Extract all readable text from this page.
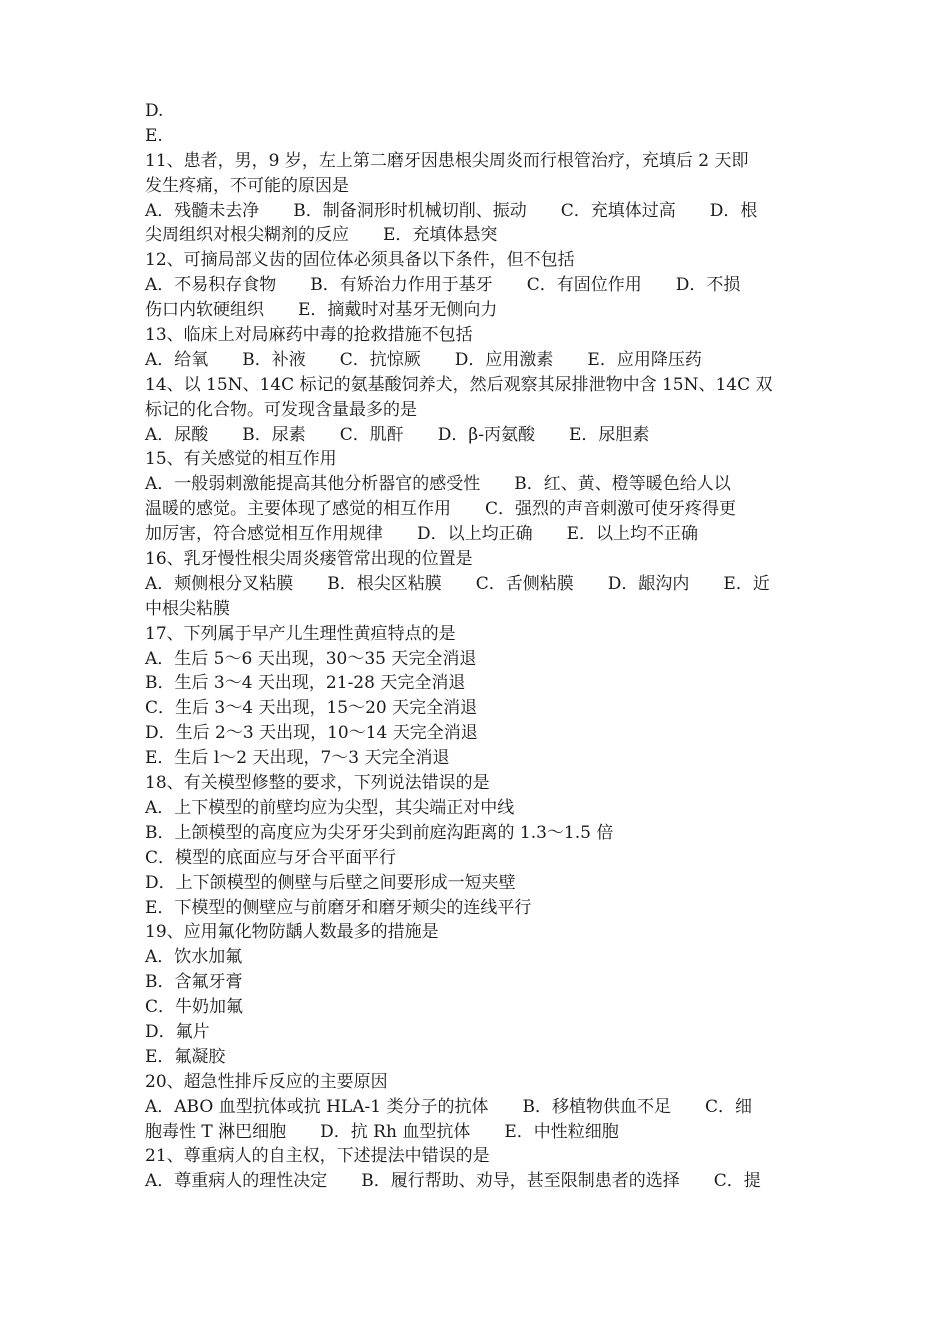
D.
E.
11、患者，男，9 岁，左上第二磨牙因患根尖周炎而行根管治疗，充填后 2 天即
发生疼痛，不可能的原因是
A．残髓未去净　　B．制备洞形时机械切削、振动　　C．充填体过高　　D．根
尖周组织对根尖糊剂的反应　　E．充填体悬突
12、可摘局部义齿的固位体必须具备以下条件，但不包括
A．不易积存食物　　B．有矫治力作用于基牙　　C．有固位作用　　D．不损
伤口内软硬组织　　E．摘戴时对基牙无侧向力
13、临床上对局麻药中毒的抢救措施不包括
A．给氧　　B．补液　　C．抗惊厥　　D．应用激素　　E．应用降压药
14、以 15N、14C 标记的氨基酸饲养犬，然后观察其尿排泄物中含 15N、14C 双
标记的化合物。可发现含量最多的是
A．尿酸　　B．尿素　　C．肌酐　　D．β-丙氨酸　　E．尿胆素
15、有关感觉的相互作用
A．一般弱刺激能提高其他分析器官的感受性　　B．红、黄、橙等暖色给人以
温暖的感觉。主要体现了感觉的相互作用　　C．强烈的声音刺激可使牙疼得更
加厉害，符合感觉相互作用规律　　D．以上均正确　　E．以上均不正确
16、乳牙慢性根尖周炎瘘管常出现的位置是
A．颊侧根分叉粘膜　　B．根尖区粘膜　　C．舌侧粘膜　　D．龈沟内　　E．近
中根尖粘膜
17、下列属于早产儿生理性黄疸特点的是
A．生后 5～6 天出现，30～35 天完全消退
B．生后 3～4 天出现，21-28 天完全消退
C．生后 3～4 天出现，15～20 天完全消退
D．生后 2～3 天出现，10～14 天完全消退
E．生后 l～2 天出现，7～3 天完全消退
18、有关模型修整的要求，下列说法错误的是
A．上下模型的前壁均应为尖型，其尖端正对中线
B．上颌模型的高度应为尖牙牙尖到前庭沟距离的 1.3～1.5 倍
C．模型的底面应与牙合平面平行
D．上下颌模型的侧壁与后壁之间要形成一短夹壁
E．下模型的侧壁应与前磨牙和磨牙颊尖的连线平行
19、应用氟化物防龋人数最多的措施是
A．饮水加氟
B．含氟牙膏
C．牛奶加氟
D．氟片
E．氟凝胶
20、超急性排斥反应的主要原因
A．ABO 血型抗体或抗 HLA-1 类分子的抗体　　B．移植物供血不足　　C．细
胞毒性 T 淋巴细胞　　D．抗 Rh 血型抗体　　E．中性粒细胞
21、尊重病人的自主权，下述提法中错误的是
A．尊重病人的理性决定　　B．履行帮助、劝导，甚至限制患者的选择　　C．提
